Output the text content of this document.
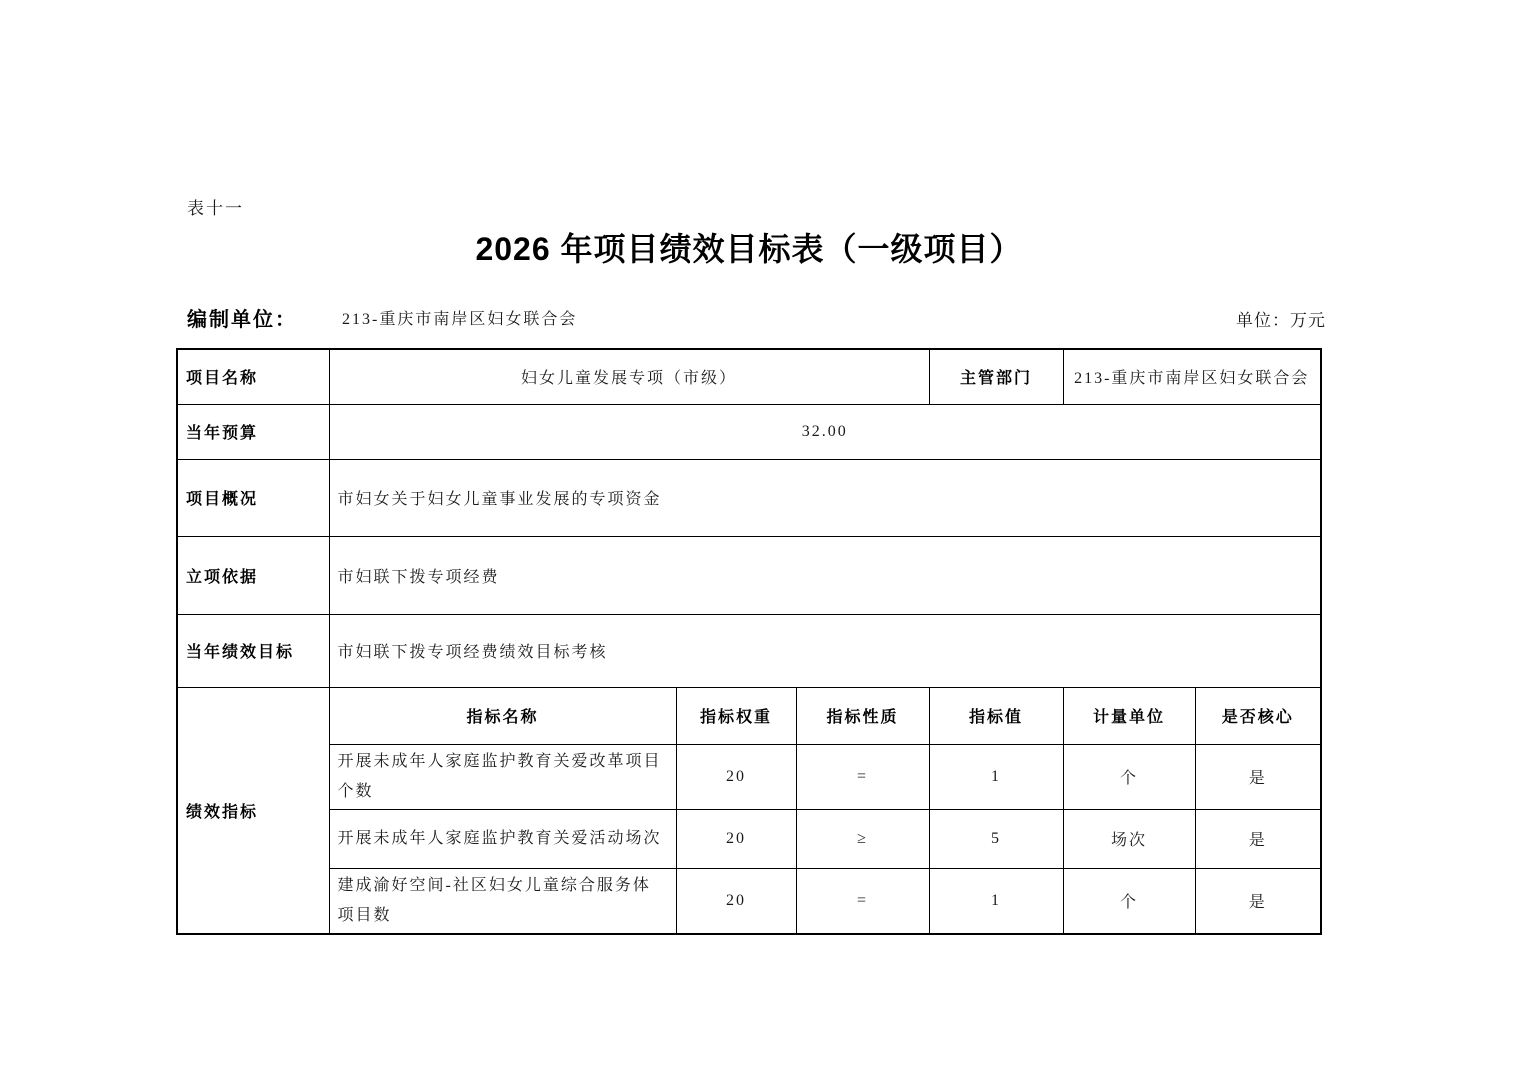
表十一
2026 年项目绩效目标表（一级项目）
编制单位：	213-重庆市南岸区妇女联合会	单位：万元
项目名称	妇女儿童发展专项（市级）			主管部门	213-重庆市南岸区妇女联合会	
当年预算	32.00					
项目概况	市妇女关于妇女儿童事业发展的专项资金					
立项依据	市妇联下拨专项经费					
当年绩效目标	市妇联下拨专项经费绩效目标考核					
绩效指标	指标名称	指标权重	指标性质	指标值	计量单位	是否核心
	开展未成年人家庭监护教育关爱改革项目个数	20	=	1	个	是
	开展未成年人家庭监护教育关爱活动场次	20	≥	5	场次	是
	建成渝好空间-社区妇女儿童综合服务体项目数	20	=	1	个	是
